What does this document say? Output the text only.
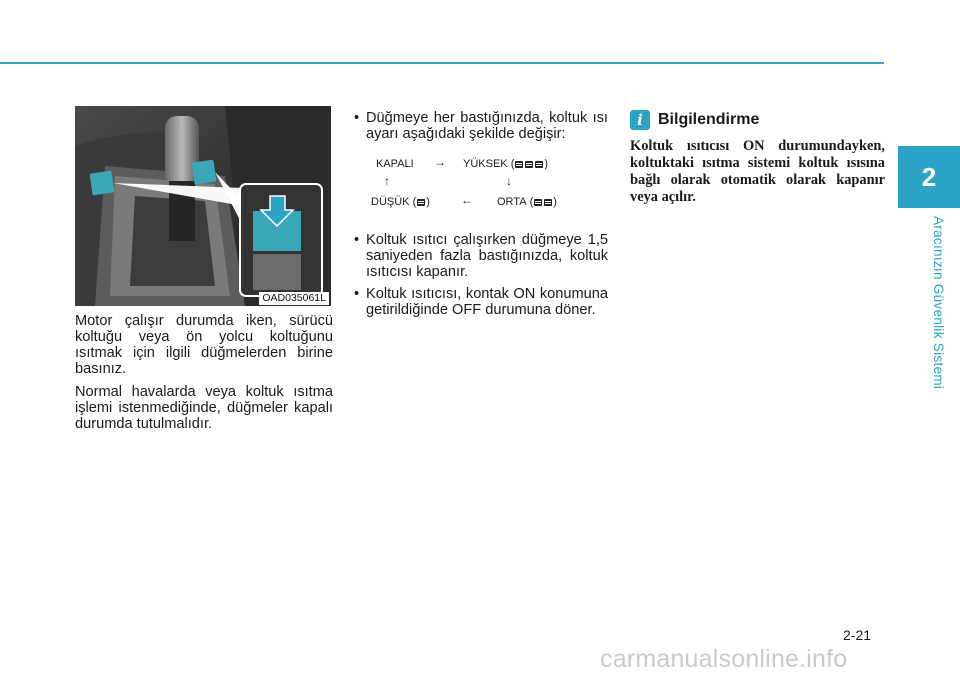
2
Aracınızın Güvenlik Sistemi
OAD035061L

Motor çalışır durumda iken, sürücü koltuğu veya ön yolcu koltuğunu ısıtmak için ilgili düğmelerden birine basınız.

Normal havalarda veya koltuk ısıtma işlemi istenmediğinde, düğmeler kapalı durumda tutulmalıdır.

• Düğmeye her bastığınızda, koltuk ısı ayarı aşağıdaki şekilde değişir:

KAPALI → YÜKSEK
(	)
↑	↓
DÜŞÜK
( )	← ORTA
( )

• Koltuk ısıtıcı çalışırken düğmeye 1,5 saniyeden fazla bastığınızda, koltuk ısıtıcısı kapanır.

• Koltuk ısıtıcısı, kontak ON konumuna getirildiğinde OFF durumuna döner.

i Bilgilendirme

Koltuk ısıtıcısı ON durumundayken, koltuktaki ısıtma sistemi koltuk ısısına bağlı olarak otomatik olarak kapanır veya açılır.

2-21
carmanualsonline.info
